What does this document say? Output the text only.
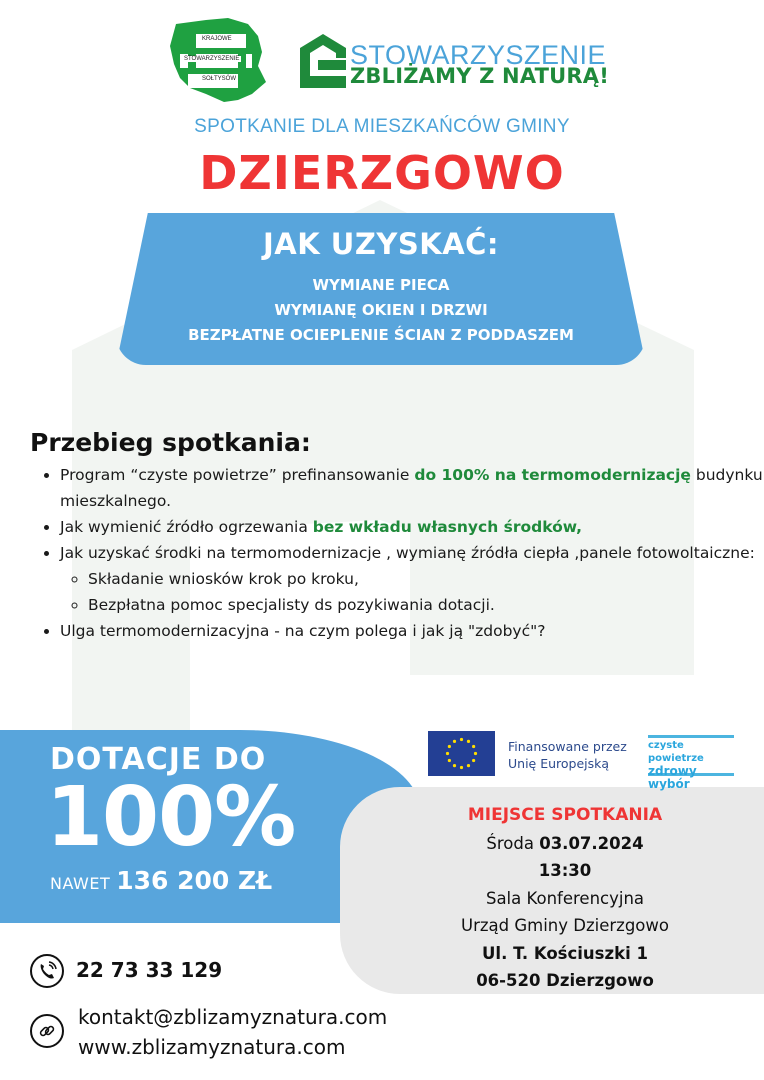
KRAJOWE
STOWARZYSZENIE
SOŁTYSÓW
STOWARZYSZENIE
ZBLIŻAMY Z NATURĄ!
SPOTKANIE DLA MIESZKAŃCÓW GMINY
DZIERZGOWO
JAK UZYSKAĆ:
WYMIANE PIECA
WYMIANĘ OKIEN I DRZWI
BEZPŁATNE OCIEPLENIE ŚCIAN Z PODDASZEM
Przebieg spotkania:
• Program “czyste powietrze” prefinansowanie do 100% na termomodernizację budynku mieszkalnego.
• Jak wymienić źródło ogrzewania bez wkładu własnych środków,
• Jak uzyskać środki na termomodernizacje , wymianę źródła ciepła ,panele fotowoltaiczne:
◦ Składanie wniosków krok po kroku,
◦ Bezpłatna pomoc specjalisty ds pozykiwania dotacji.
• Ulga termomodernizacyjna - na czym polega i jak ją "zdobyć"?
DOTACJE DO
100%
NAWET 136 200 ZŁ
Finansowane przez
Unię Europejską
czyste powietrze
zdrowy wybór
MIEJSCE SPOTKANIA
Środa 03.07.2024
13:30
Sala Konferencyjna
Urząd Gminy Dzierzgowo
Ul. T. Kościuszki 1
06-520 Dzierzgowo
22 73 33 129
kontakt@zblizamyznatura.com
www.zblizamyznatura.com
